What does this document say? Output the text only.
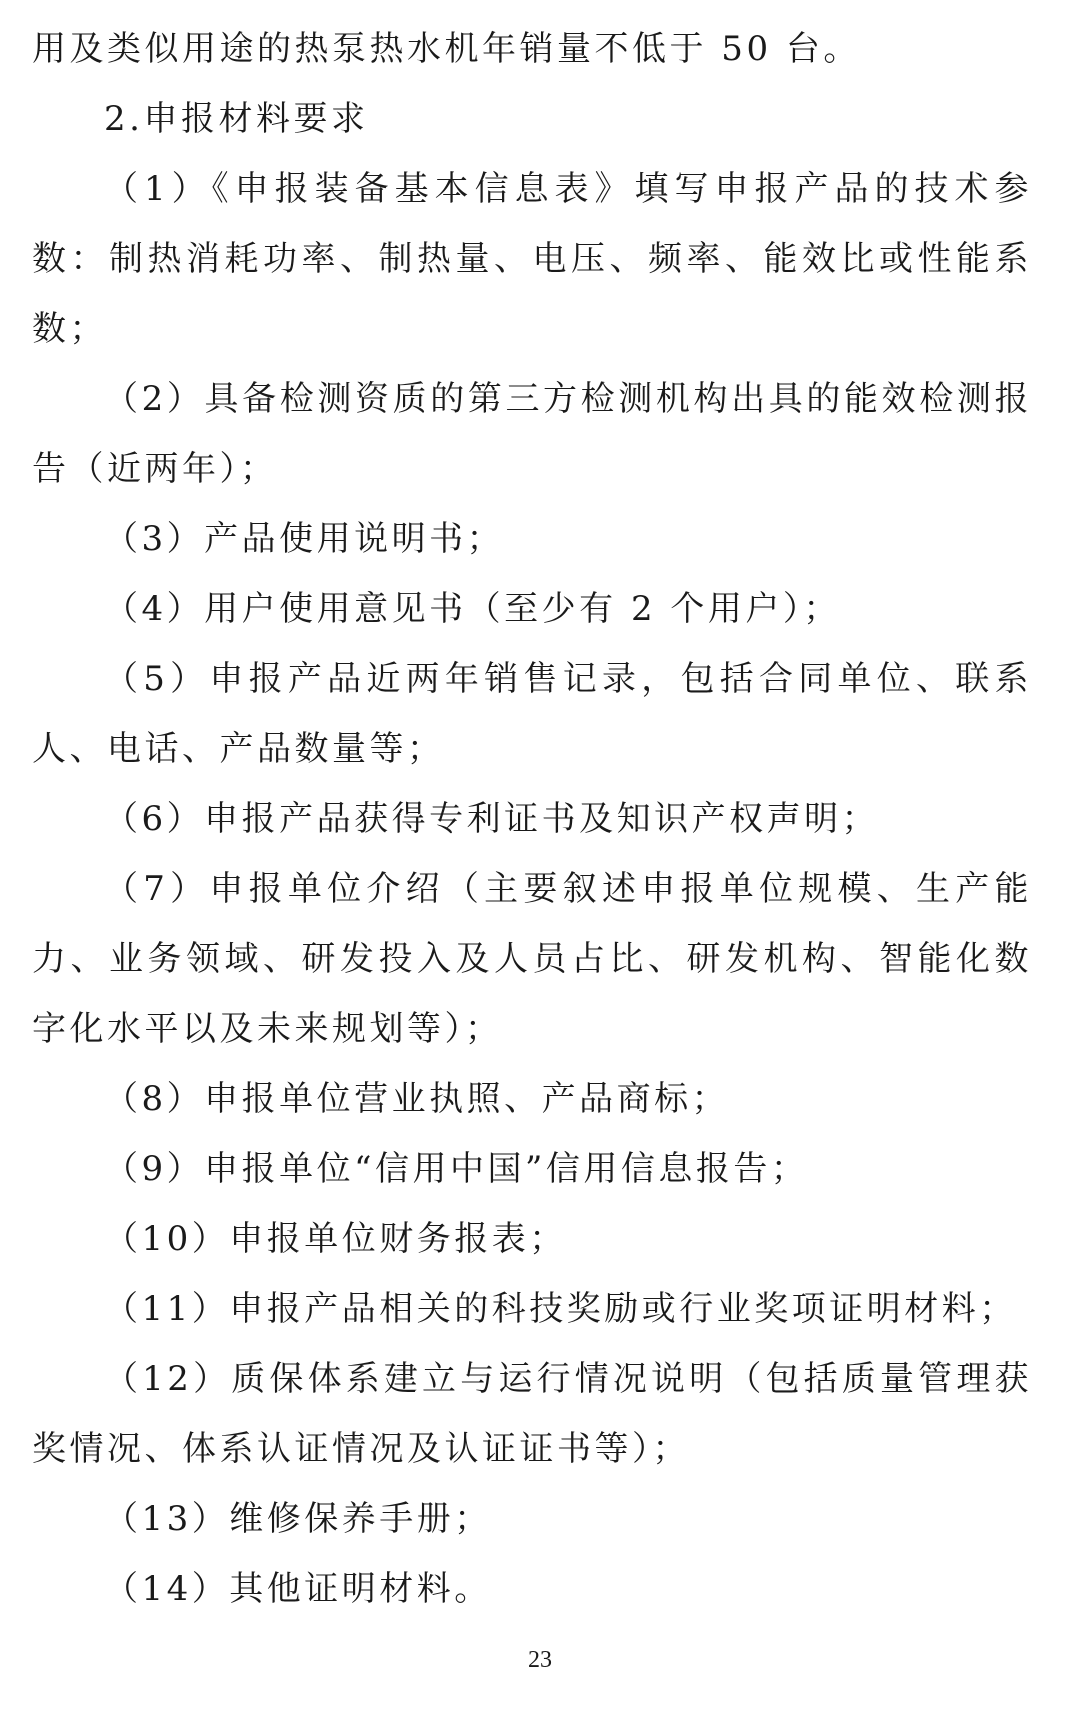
用及类似用途的热泵热水机年销量不低于 50 台。

2.申报材料要求

（1）《申报装备基本信息表》填写申报产品的技术参数：制热消耗功率、制热量、电压、频率、能效比或性能系数；

（2）具备检测资质的第三方检测机构出具的能效检测报告（近两年）；

（3）产品使用说明书；

（4）用户使用意见书（至少有 2 个用户）；

（5）申报产品近两年销售记录，包括合同单位、联系人、电话、产品数量等；

（6）申报产品获得专利证书及知识产权声明；

（7）申报单位介绍（主要叙述申报单位规模、生产能力、业务领域、研发投入及人员占比、研发机构、智能化数字化水平以及未来规划等）；

（8）申报单位营业执照、产品商标；

（9）申报单位“信用中国”信用信息报告；

（10）申报单位财务报表；

（11）申报产品相关的科技奖励或行业奖项证明材料；

（12）质保体系建立与运行情况说明（包括质量管理获奖情况、体系认证情况及认证证书等）；

（13）维修保养手册；

（14）其他证明材料。

23
